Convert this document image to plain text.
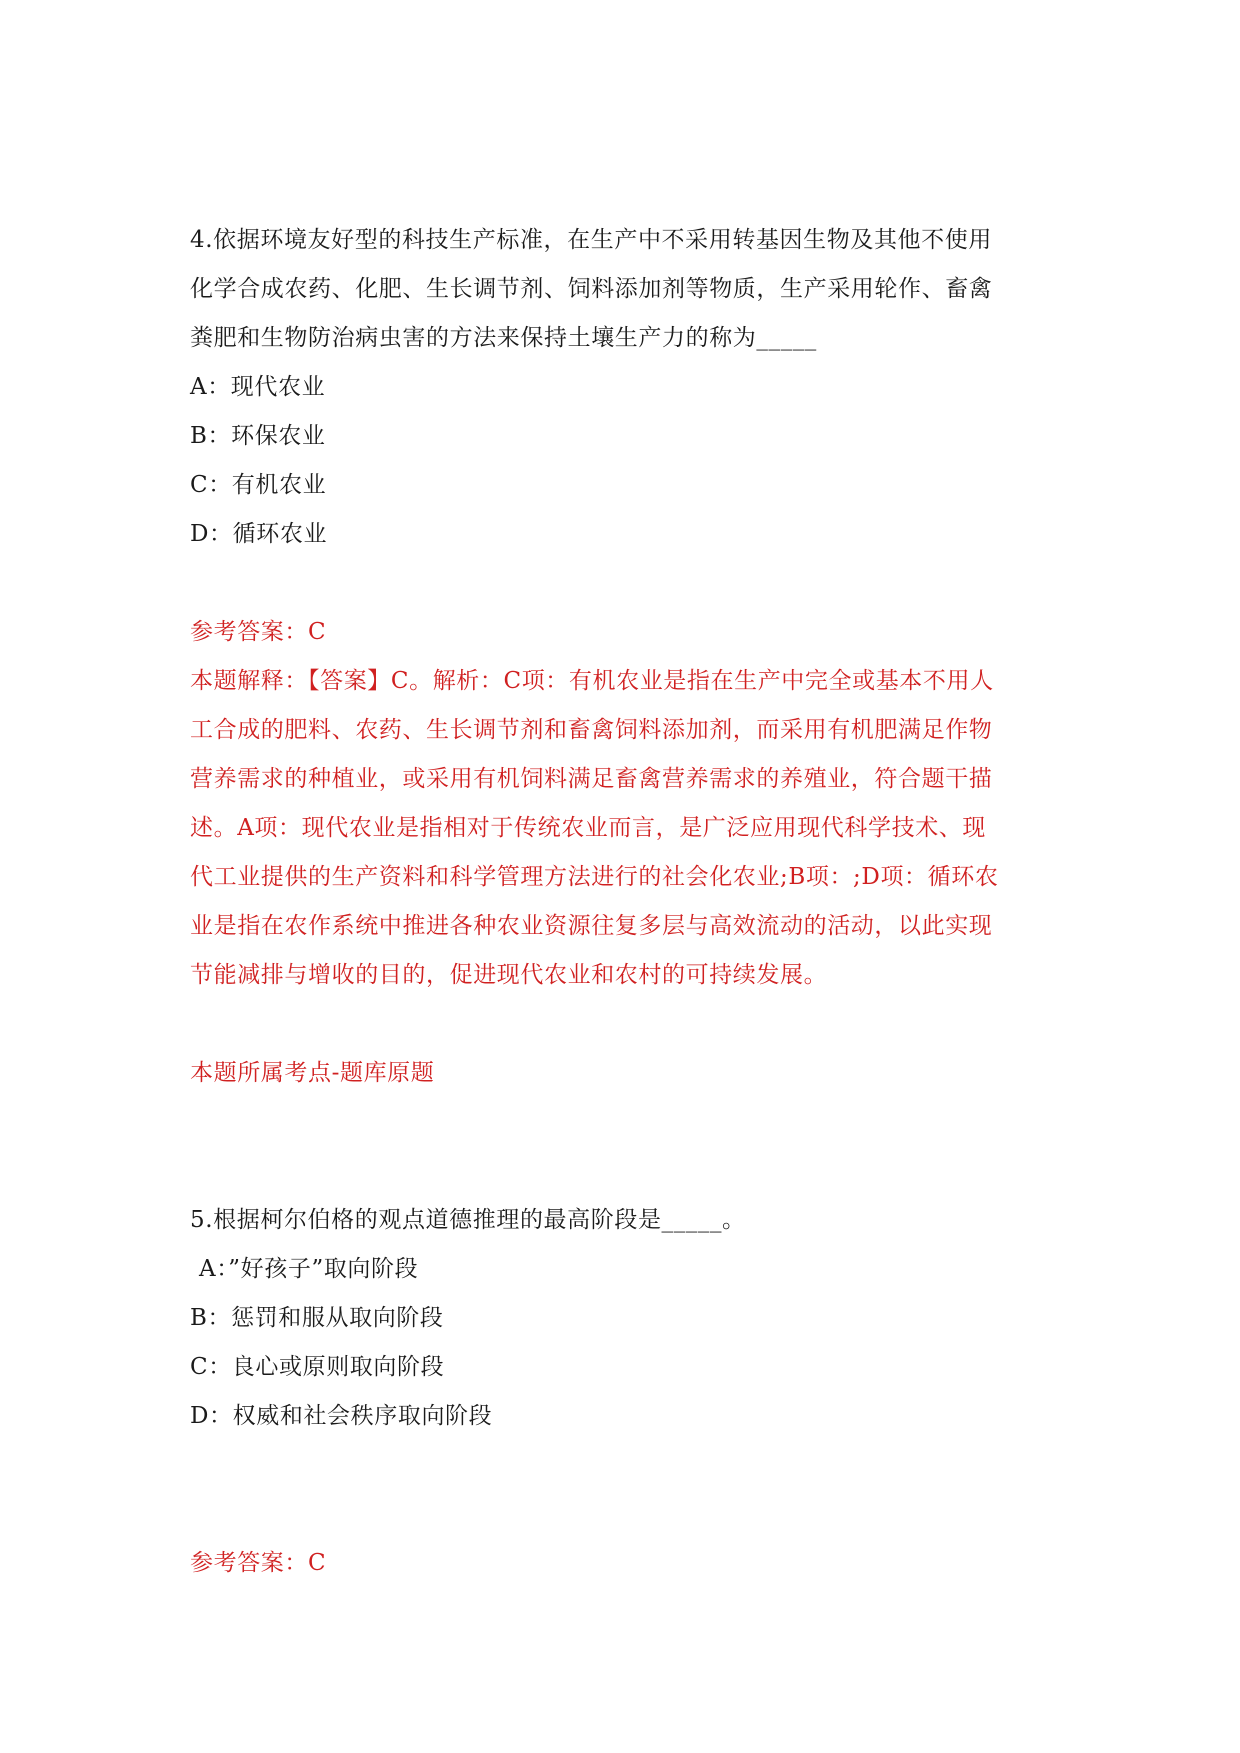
4.依据环境友好型的科技生产标准，在生产中不采用转基因生物及其他不使用
化学合成农药、化肥、生长调节剂、饲料添加剂等物质，生产采用轮作、畜禽
粪肥和生物防治病虫害的方法来保持土壤生产力的称为_____
A：现代农业
B：环保农业
C：有机农业
D：循环农业
参考答案：C
本题解释：【答案】C。解析：C项：有机农业是指在生产中完全或基本不用人
工合成的肥料、农药、生长调节剂和畜禽饲料添加剂，而采用有机肥满足作物
营养需求的种植业，或采用有机饲料满足畜禽营养需求的养殖业，符合题干描
述。A项：现代农业是指相对于传统农业而言，是广泛应用现代科学技术、现
代工业提供的生产资料和科学管理方法进行的社会化农业;B项：;D项：循环农
业是指在农作系统中推进各种农业资源往复多层与高效流动的活动，以此实现
节能减排与增收的目的，促进现代农业和农村的可持续发展。
本题所属考点-题库原题
5.根据柯尔伯格的观点道德推理的最高阶段是_____。
A：”好孩子”取向阶段
B：惩罚和服从取向阶段
C：良心或原则取向阶段
D：权威和社会秩序取向阶段
参考答案：C
